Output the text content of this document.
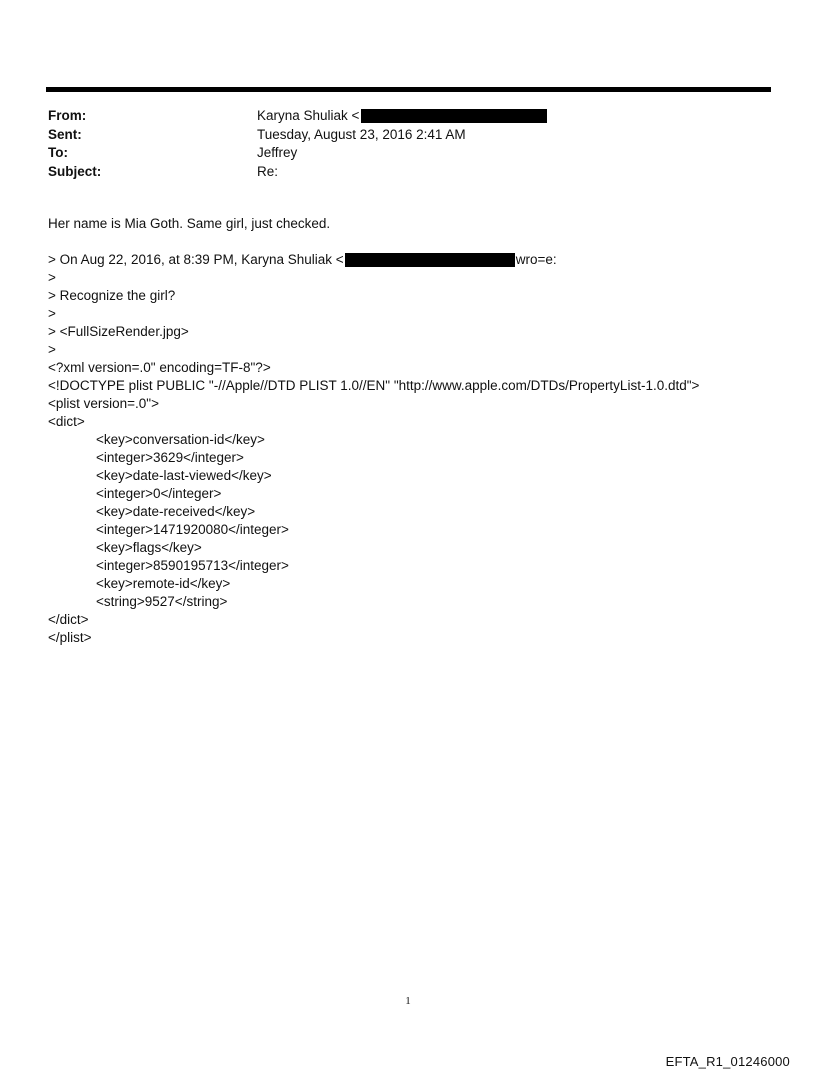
From:	Karyna Shuliak <
Sent:	Tuesday, August 23, 2016 2:41 AM
To:	Jeffrey
Subject:	Re:
Her name is Mia Goth. Same girl, just checked.
> On Aug 22, 2016, at 8:39 PM, Karyna Shuliak <	wro=e:
>
> Recognize the girl?
>
> <FullSizeRender.jpg>
>
<?xml version=.0" encoding=TF-8"?>
<!DOCTYPE plist PUBLIC "-//Apple//DTD PLIST 1.0//EN" "http://www.apple.com/DTDs/PropertyList-1.0.dtd">
<plist version=.0">
<dict>
<key>conversation-id</key>
<integer>3629</integer>
<key>date-last-viewed</key>
<integer>0</integer>
<key>date-received</key>
<integer>1471920080</integer>
<key>flags</key>
<integer>8590195713</integer>
<key>remote-id</key>
<string>9527</string>
</dict>
</plist>
1
EFTA_R1_01246000
